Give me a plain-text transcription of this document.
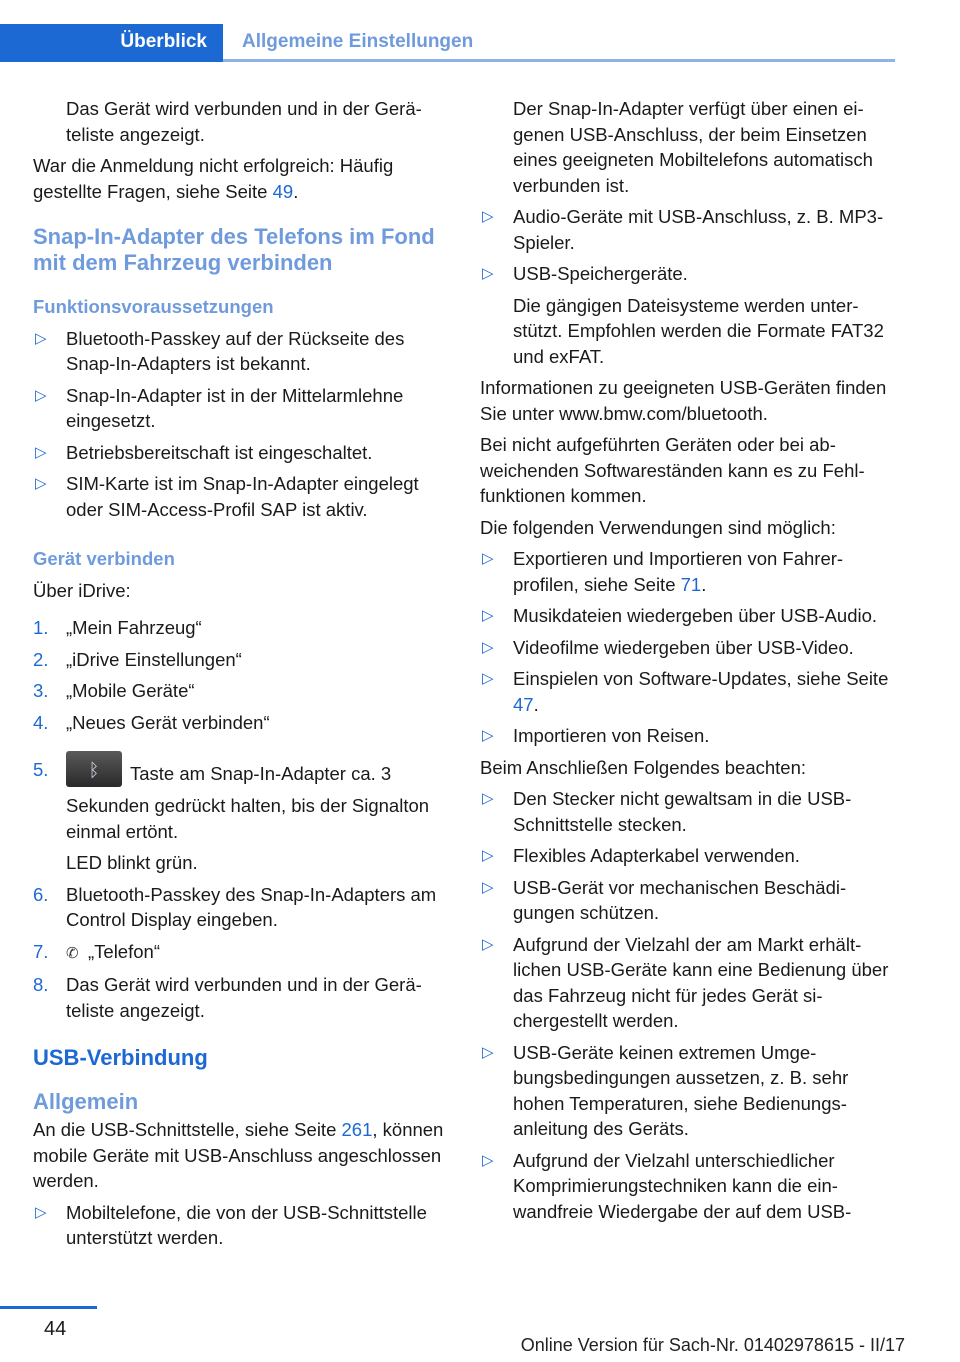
Überblick	Allgemeine Einstellungen

Das Gerät wird verbunden und in der Geräteliste angezeigt.

War die Anmeldung nicht erfolgreich: Häufig gestellte Fragen, siehe Seite 49.

Snap-In-Adapter des Telefons im Fond mit dem Fahrzeug verbinden
Funktionsvoraussetzungen
▷ Bluetooth-Passkey auf der Rückseite des Snap-In-Adapters ist bekannt.
▷ Snap-In-Adapter ist in der Mittelarmlehne eingesetzt.
▷ Betriebsbereitschaft ist eingeschaltet.
▷ SIM-Karte ist im Snap-In-Adapter eingelegt oder SIM-Access-Profil SAP ist aktiv.
Gerät verbinden

Über iDrive:

1. „Mein Fahrzeug“
2. „iDrive Einstellungen“
3. „Mobile Geräte“
4. „Neues Gerät verbinden“
5.	ᛒ	Taste am Snap-In-Adapter ca. 3 Sekunden gedrückt halten, bis der Signalton einmal ertönt.
LED blinkt grün.
6. Bluetooth-Passkey des Snap-In-Adapters am Control Display eingeben.
7. ✆ „Telefon“
8. Das Gerät wird verbunden und in der Geräteliste angezeigt.
USB-Verbindung
Allgemein

An die USB-Schnittstelle, siehe Seite 261, können mobile Geräte mit USB-Anschluss angeschlossen werden.

▷ Mobiltelefone, die von der USB-Schnittstelle unterstützt werden.

Der Snap-In-Adapter verfügt über einen eigenen USB-Anschluss, der beim Einsetzen eines geeigneten Mobiltelefons automatisch verbunden ist.

▷ Audio-Geräte mit USB-Anschluss, z. B. MP3-Spieler.
▷ USB-Speichergeräte.
Die gängigen Dateisysteme werden unterstützt. Empfohlen werden die Formate FAT32 und exFAT.

Informationen zu geeigneten USB-Geräten finden Sie unter www.bmw.com/bluetooth.

Bei nicht aufgeführten Geräten oder bei abweichenden Softwareständen kann es zu Fehlfunktionen kommen.

Die folgenden Verwendungen sind möglich:

▷ Exportieren und Importieren von Fahrerprofilen, siehe Seite 71.
▷ Musikdateien wiedergeben über USB-Audio.
▷ Videofilme wiedergeben über USB-Video.
▷ Einspielen von Software-Updates, siehe Seite 47.
▷ Importieren von Reisen.

Beim Anschließen Folgendes beachten:

▷ Den Stecker nicht gewaltsam in die USB-Schnittstelle stecken.
▷ Flexibles Adapterkabel verwenden.
▷ USB-Gerät vor mechanischen Beschädigungen schützen.
▷ Aufgrund der Vielzahl der am Markt erhältlichen USB-Geräte kann eine Bedienung über das Fahrzeug nicht für jedes Gerät sichergestellt werden.
▷ USB-Geräte keinen extremen Umgebungsbedingungen aussetzen, z. B. sehr hohen Temperaturen, siehe Bedienungsanleitung des Geräts.
▷ Aufgrund der Vielzahl unterschiedlicher Komprimierungstechniken kann die einwandfreie Wiedergabe der auf dem USB-
44
Online Version für Sach-Nr. 01402978615 - II/17
